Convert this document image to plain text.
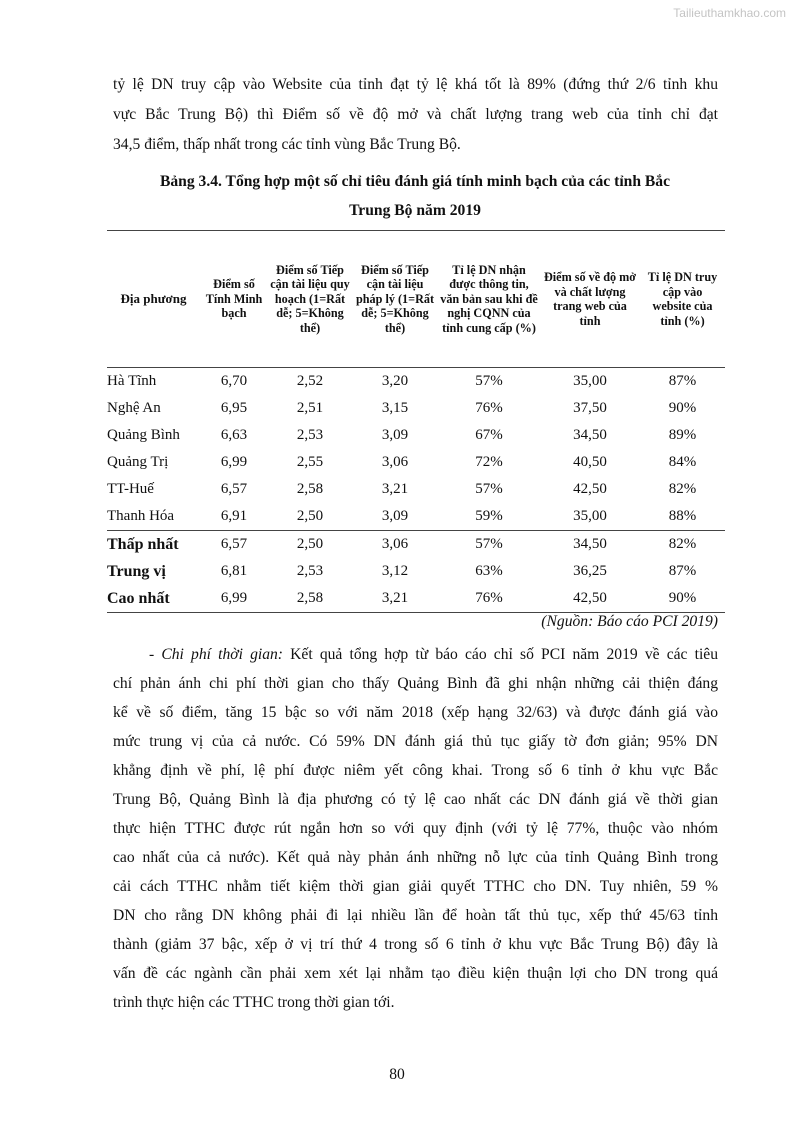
Tailieuthamkhao.com
tỷ lệ DN truy cập vào Website của tỉnh đạt tỷ lệ khá tốt là 89% (đứng thứ 2/6 tỉnh khu
vực Bắc Trung Bộ) thì Điểm số về độ mở và chất lượng trang web của tỉnh chỉ đạt
34,5 điểm, thấp nhất trong các tỉnh vùng Bắc Trung Bộ.
Bảng 3.4. Tổng hợp một số chỉ tiêu đánh giá tính minh bạch của các tỉnh Bắc
Trung Bộ năm 2019
Địa phương	Điểm số Tính Minh bạch	Điểm số Tiếp cận tài liệu quy hoạch (1=Rất dễ; 5=Không thể)	Điểm số Tiếp cận tài liệu pháp lý (1=Rất dễ; 5=Không thể)	Tỉ lệ DN nhận được thông tin, văn bản sau khi đề nghị CQNN của tỉnh cung cấp (%)	Điểm số về độ mở và chất lượng trang web của tỉnh	Tỉ lệ DN truy cập vào website của tỉnh (%)
Hà Tĩnh	6,70	2,52	3,20	57%	35,00	87%
Nghệ An	6,95	2,51	3,15	76%	37,50	90%
Quảng Bình	6,63	2,53	3,09	67%	34,50	89%
Quảng Trị	6,99	2,55	3,06	72%	40,50	84%
TT-Huế	6,57	2,58	3,21	57%	42,50	82%
Thanh Hóa	6,91	2,50	3,09	59%	35,00	88%
Thấp nhất	6,57	2,50	3,06	57%	34,50	82%
Trung vị	6,81	2,53	3,12	63%	36,25	87%
Cao nhất	6,99	2,58	3,21	76%	42,50	90%
(Nguồn: Báo cáo PCI 2019)
- Chi phí thời gian: Kết quả tổng hợp từ báo cáo chỉ số PCI năm 2019 về các tiêu
chí phản ánh chi phí thời gian cho thấy Quảng Bình đã ghi nhận những cải thiện đáng
kể về số điểm, tăng 15 bậc so với năm 2018 (xếp hạng 32/63) và được đánh giá vào
mức trung vị của cả nước. Có 59% DN đánh giá thủ tục giấy tờ đơn giản; 95% DN
khẳng định về phí, lệ phí được niêm yết công khai. Trong số 6 tỉnh ở khu vực Bắc
Trung Bộ, Quảng Bình là địa phương có tỷ lệ cao nhất các DN đánh giá về thời gian
thực hiện TTHC được rút ngắn hơn so với quy định (với tỷ lệ 77%, thuộc vào nhóm
cao nhất của cả nước). Kết quả này phản ánh những nỗ lực của tỉnh Quảng Bình trong
cải cách TTHC nhằm tiết kiệm thời gian giải quyết TTHC cho DN. Tuy nhiên, 59 %
DN cho rằng DN không phải đi lại nhiều lần để hoàn tất thủ tục, xếp thứ 45/63 tỉnh
thành (giảm 37 bậc, xếp ở vị trí thứ 4 trong số 6 tỉnh ở khu vực Bắc Trung Bộ) đây là
vấn đề các ngành cần phải xem xét lại nhằm tạo điều kiện thuận lợi cho DN trong quá
trình thực hiện các TTHC trong thời gian tới.
80
